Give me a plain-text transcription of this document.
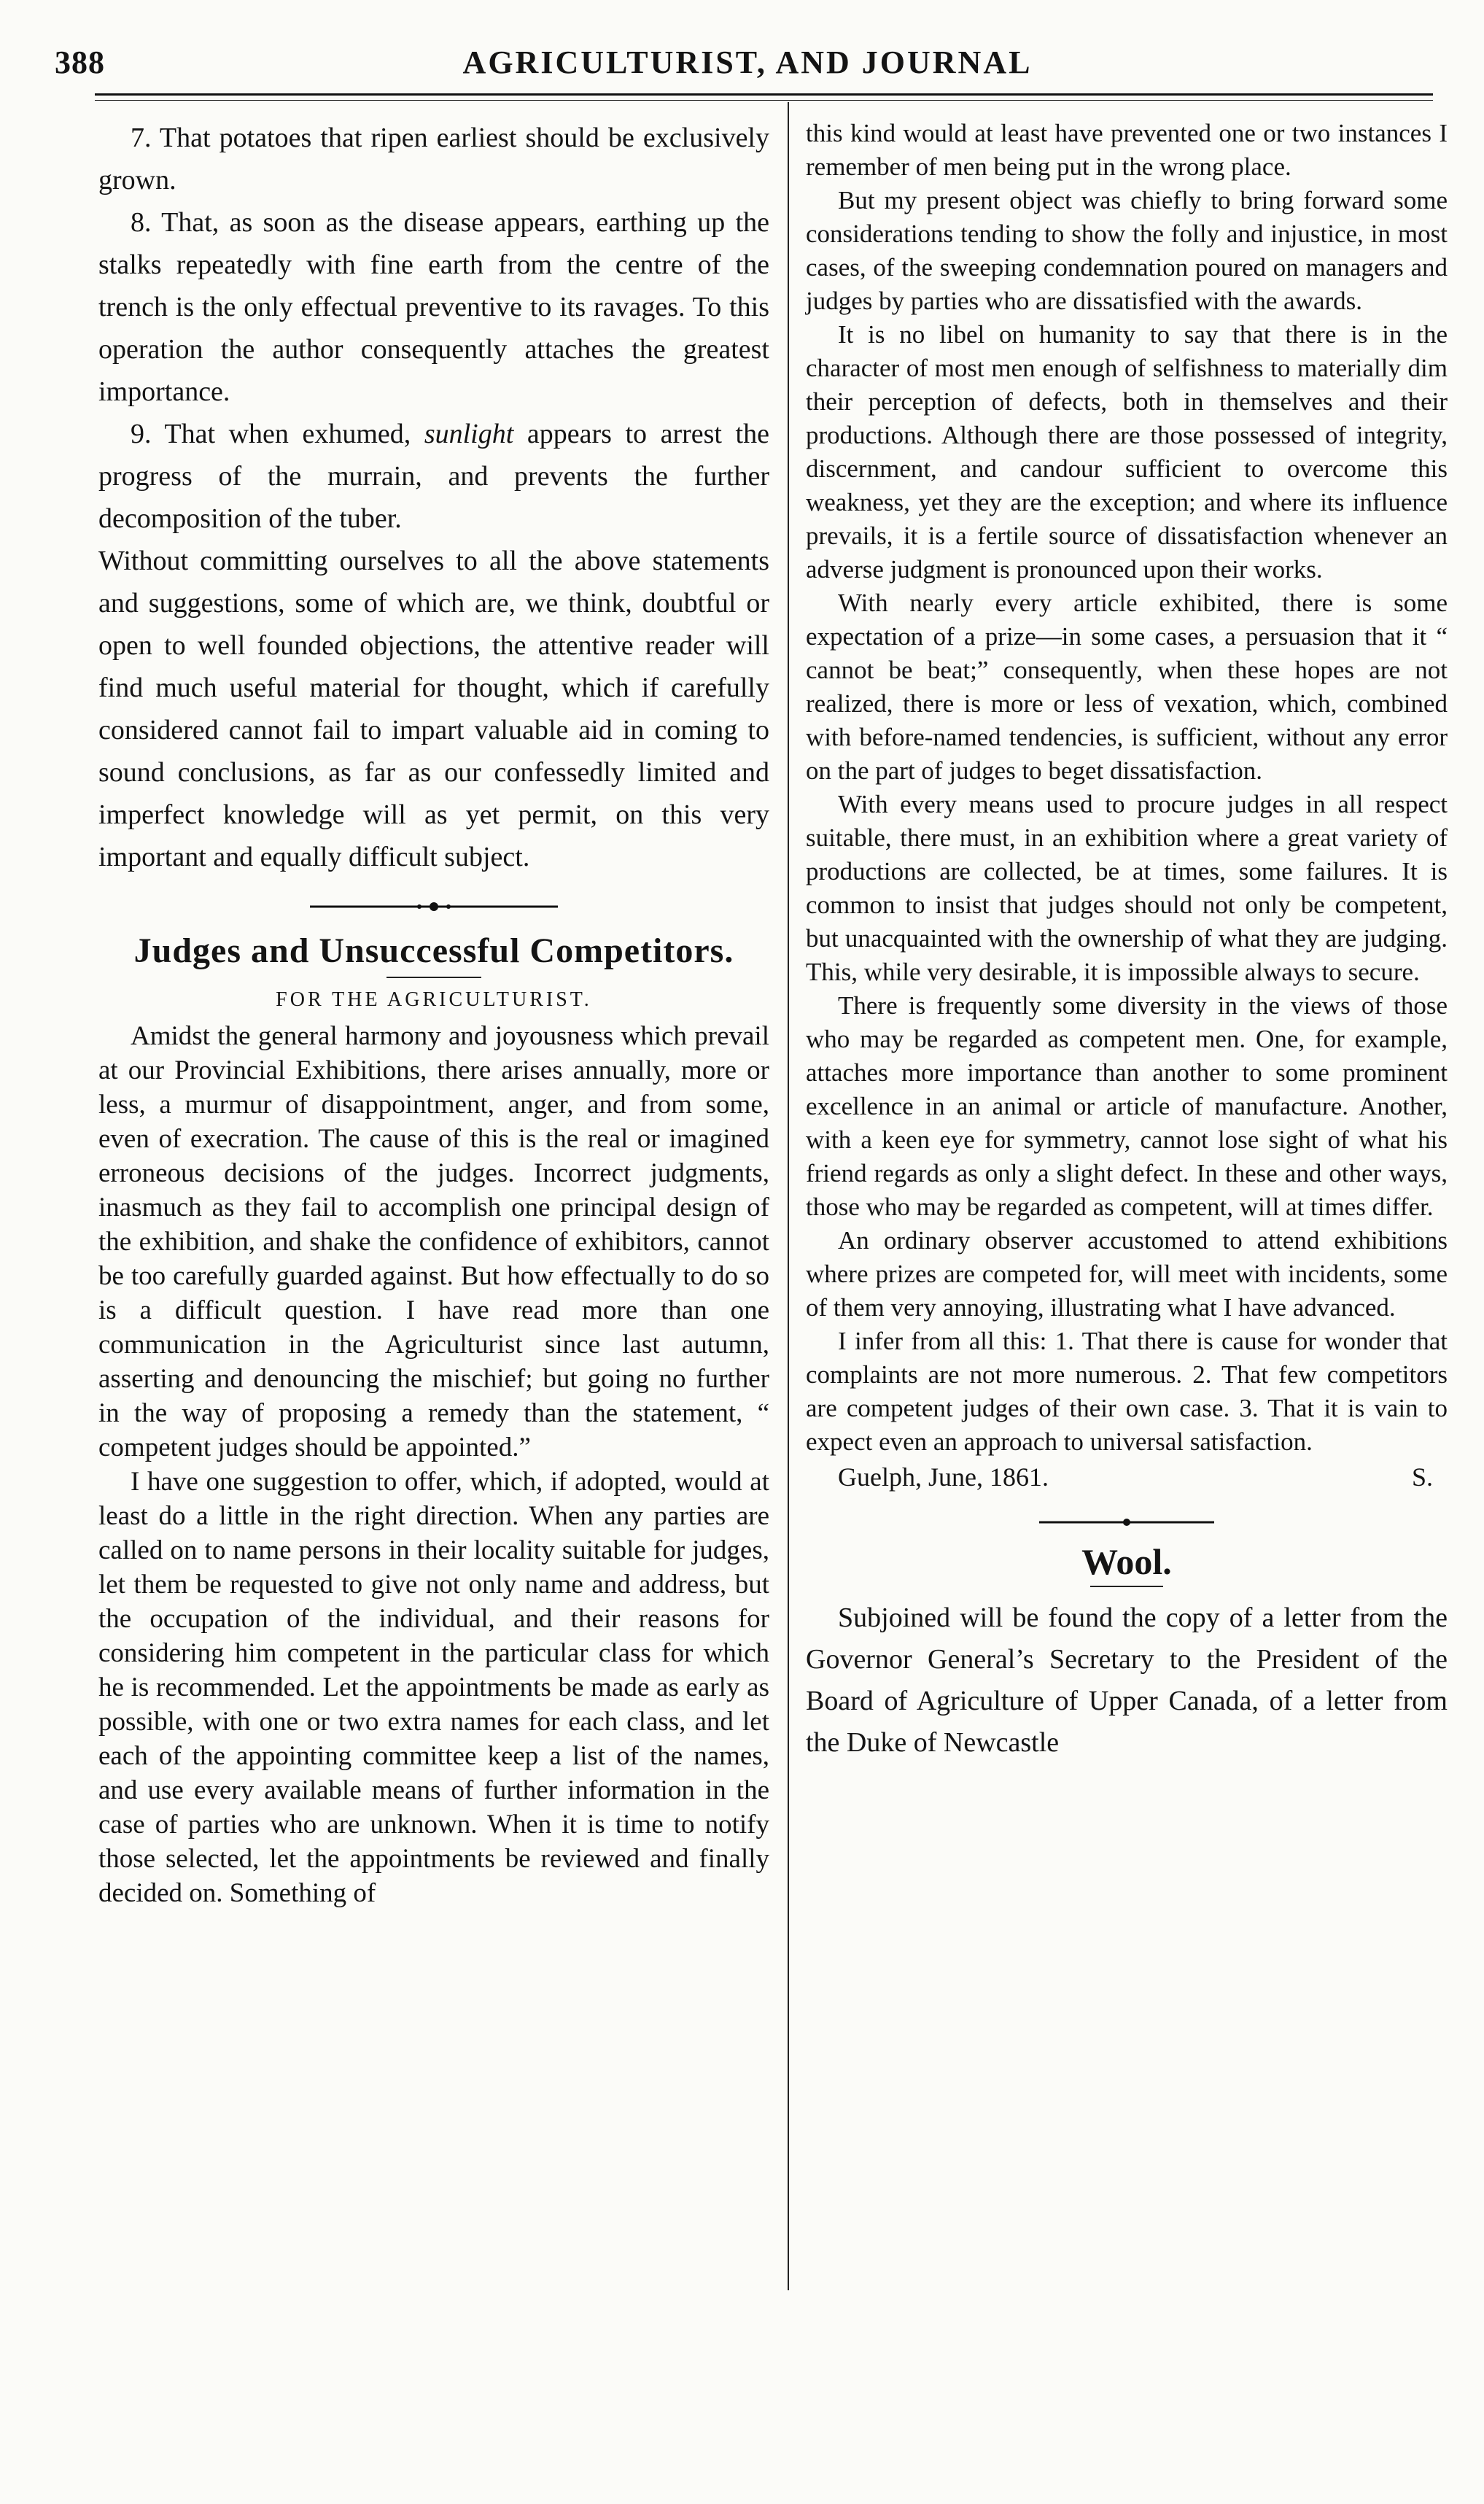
388	AGRICULTURIST, AND JOURNAL

7. That potatoes that ripen earliest should be exclusively grown.

8. That, as soon as the disease appears, earthing up the stalks repeatedly with fine earth from the centre of the trench is the only effectual preventive to its ravages. To this operation the author consequently attaches the greatest importance.

9. That when exhumed, sunlight appears to arrest the progress of the murrain, and prevents the further decomposition of the tuber.

Without committing ourselves to all the above statements and suggestions, some of which are, we think, doubtful or open to well founded objections, the attentive reader will find much useful material for thought, which if carefully considered cannot fail to impart valuable aid in coming to sound conclusions, as far as our confessedly limited and imperfect knowledge will as yet permit, on this very important and equally difficult subject.

Judges and Unsuccessful Competitors.
FOR THE AGRICULTURIST.

Amidst the general harmony and joyousness which prevail at our Provincial Exhibitions, there arises annually, more or less, a murmur of disappointment, anger, and from some, even of execration. The cause of this is the real or imagined erroneous decisions of the judges. Incorrect judgments, inasmuch as they fail to accomplish one principal design of the exhibition, and shake the confidence of exhibitors, cannot be too carefully guarded against. But how effectually to do so is a difficult question. I have read more than one communication in the Agriculturist since last autumn, asserting and denouncing the mischief; but going no further in the way of proposing a remedy than the statement, “ competent judges should be appointed.”

I have one suggestion to offer, which, if adopted, would at least do a little in the right direction. When any parties are called on to name persons in their locality suitable for judges, let them be requested to give not only name and address, but the occupation of the individual, and their reasons for considering him competent in the particular class for which he is recommended. Let the appointments be made as early as possible, with one or two extra names for each class, and let each of the appointing committee keep a list of the names, and use every available means of further information in the case of parties who are unknown. When it is time to notify those selected, let the appointments be reviewed and finally decided on. Something of

this kind would at least have prevented one or two instances I remember of men being put in the wrong place.

But my present object was chiefly to bring forward some considerations tending to show the folly and injustice, in most cases, of the sweeping condemnation poured on managers and judges by parties who are dissatisfied with the awards.

It is no libel on humanity to say that there is in the character of most men enough of selfishness to materially dim their perception of defects, both in themselves and their productions. Although there are those possessed of integrity, discernment, and candour sufficient to overcome this weakness, yet they are the exception; and where its influence prevails, it is a fertile source of dissatisfaction whenever an adverse judgment is pronounced upon their works.

With nearly every article exhibited, there is some expectation of a prize—in some cases, a persuasion that it “ cannot be beat;” consequently, when these hopes are not realized, there is more or less of vexation, which, combined with before-named tendencies, is sufficient, without any error on the part of judges to beget dissatisfaction.

With every means used to procure judges in all respect suitable, there must, in an exhibition where a great variety of productions are collected, be at times, some failures. It is common to insist that judges should not only be competent, but unacquainted with the ownership of what they are judging. This, while very desirable, it is impossible always to secure.

There is frequently some diversity in the views of those who may be regarded as competent men. One, for example, attaches more importance than another to some prominent excellence in an animal or article of manufacture. Another, with a keen eye for symmetry, cannot lose sight of what his friend regards as only a slight defect. In these and other ways, those who may be regarded as competent, will at times differ.

An ordinary observer accustomed to attend exhibitions where prizes are competed for, will meet with incidents, some of them very annoying, illustrating what I have advanced.

I infer from all this: 1. That there is cause for wonder that complaints are not more numerous. 2. That few competitors are competent judges of their own case. 3. That it is vain to expect even an approach to universal satisfaction.

Guelph, June, 1861.	S.
Wool.

Subjoined will be found the copy of a letter from the Governor General’s Secretary to the President of the Board of Agriculture of Upper Canada, of a letter from the Duke of Newcastle
